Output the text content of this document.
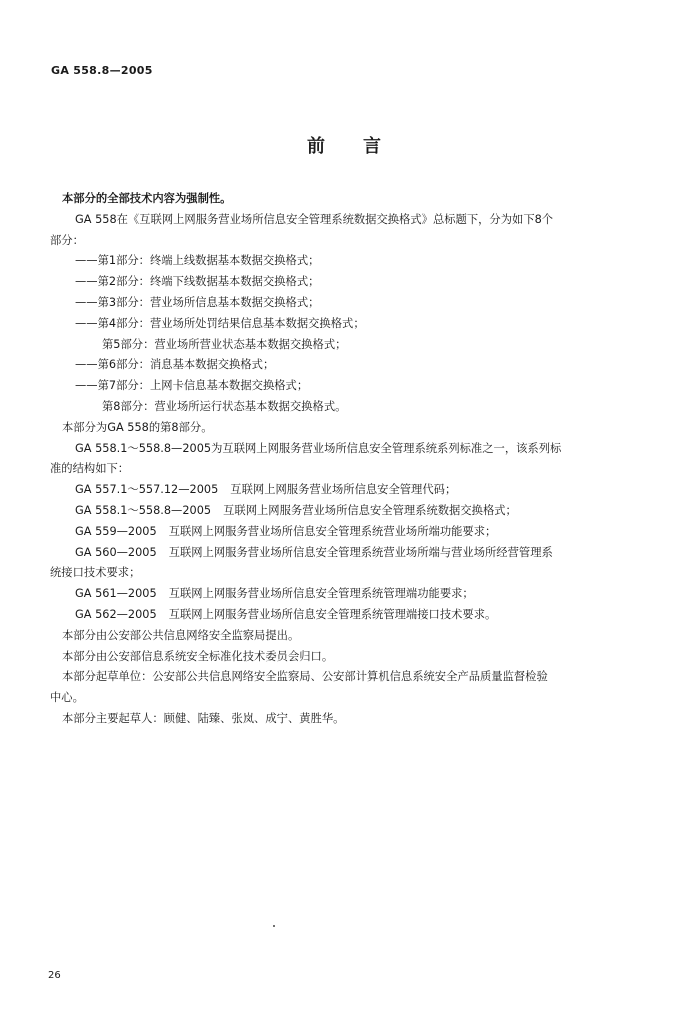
GA 558.8—2005
前言
本部分的全部技术内容为强制性。
GA 558在《互联网上网服务营业场所信息安全管理系统数据交换格式》总标题下，分为如下8个
部分：
——第1部分：终端上线数据基本数据交换格式；
——第2部分：终端下线数据基本数据交换格式；
——第3部分：营业场所信息基本数据交换格式；
——第4部分：营业场所处罚结果信息基本数据交换格式；
第5部分：营业场所营业状态基本数据交换格式；
——第6部分：消息基本数据交换格式；
——第7部分：上网卡信息基本数据交换格式；
第8部分：营业场所运行状态基本数据交换格式。
本部分为GA 558的第8部分。
GA 558.1～558.8—2005为互联网上网服务营业场所信息安全管理系统系列标准之一，该系列标
准的结构如下：
GA 557.1～557.12—2005 互联网上网服务营业场所信息安全管理代码；
GA 558.1～558.8—2005 互联网上网服务营业场所信息安全管理系统数据交换格式；
GA 559—2005 互联网上网服务营业场所信息安全管理系统营业场所端功能要求；
GA 560—2005 互联网上网服务营业场所信息安全管理系统营业场所端与营业场所经营管理系
统接口技术要求；
GA 561—2005 互联网上网服务营业场所信息安全管理系统管理端功能要求；
GA 562—2005 互联网上网服务营业场所信息安全管理系统管理端接口技术要求。
本部分由公安部公共信息网络安全监察局提出。
本部分由公安部信息系统安全标准化技术委员会归口。
本部分起草单位：公安部公共信息网络安全监察局、公安部计算机信息系统安全产品质量监督检验
中心。
本部分主要起草人：顾健、陆臻、张岚、成宁、黄胜华。
26
